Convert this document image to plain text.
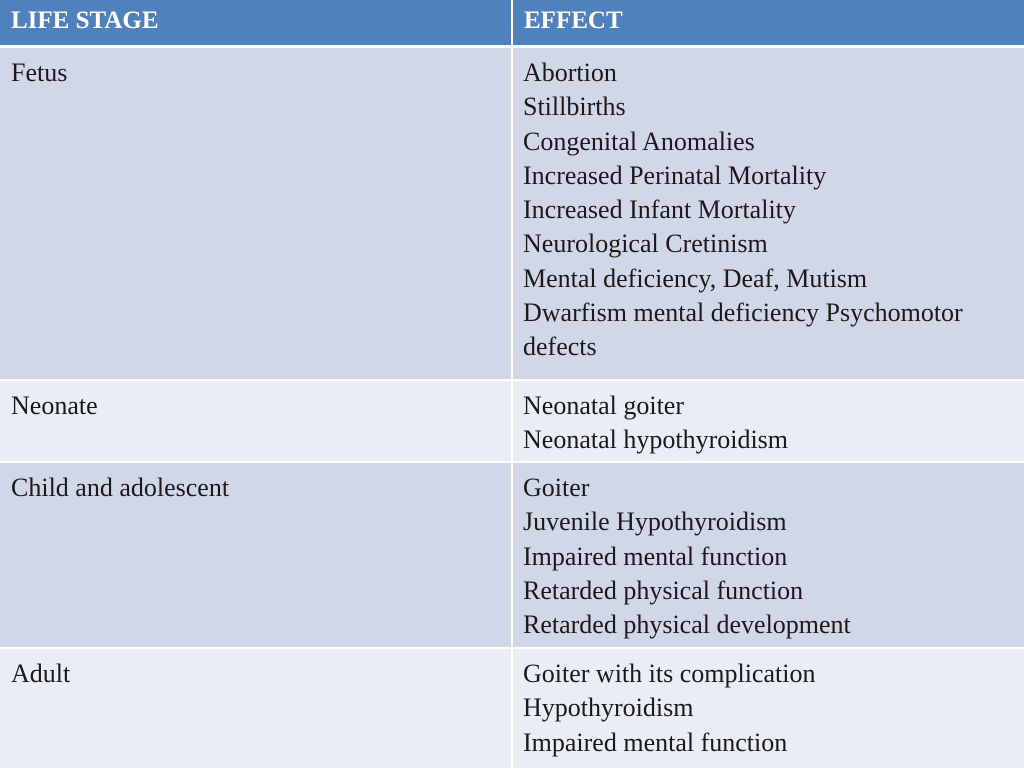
LIFE STAGE	EFFECT
Fetus	Abortion
Stillbirths
Congenital Anomalies
Increased Perinatal Mortality
Increased Infant Mortality
Neurological Cretinism
Mental deficiency, Deaf, Mutism
Dwarfism mental deficiency Psychomotor defects
Neonate	Neonatal goiter
Neonatal hypothyroidism
Child and adolescent	Goiter
Juvenile Hypothyroidism
Impaired mental function
Retarded physical function
Retarded physical development
Adult	Goiter with its complication
Hypothyroidism
Impaired mental function
